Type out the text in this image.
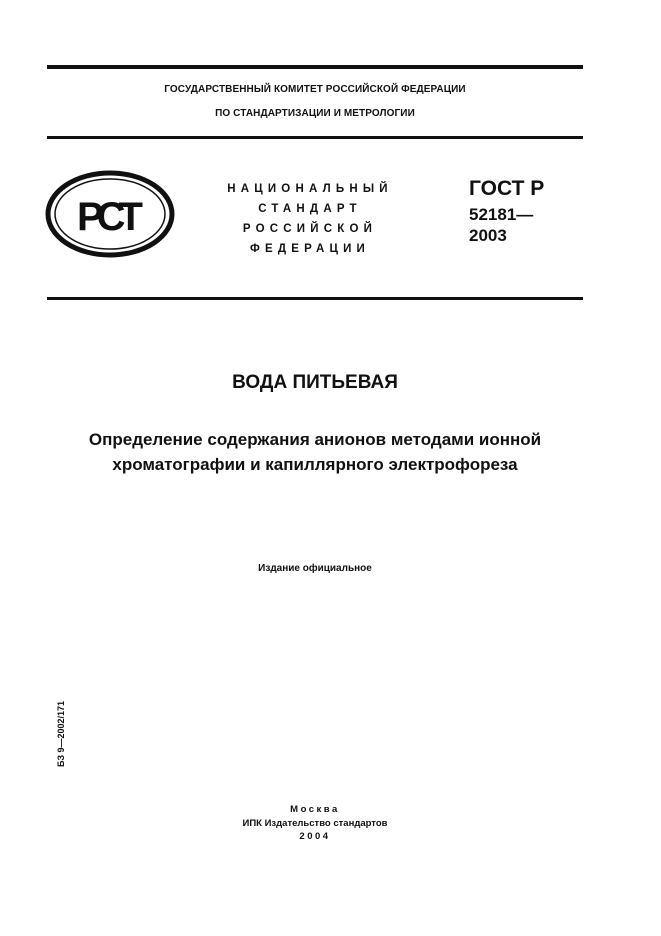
ГОСУДАРСТВЕННЫЙ КОМИТЕТ РОССИЙСКОЙ ФЕДЕРАЦИИ
ПО СТАНДАРТИЗАЦИИ И МЕТРОЛОГИИ
РСТ
НАЦИОНАЛЬНЫЙ
СТАНДАРТ
РОССИЙСКОЙ
ФЕДЕРАЦИИ
ГОСТ Р
52181—
2003
ВОДА ПИТЬЕВАЯ
Определение содержания анионов методами ионной хроматографии и капиллярного электрофореза
Издание официальное
БЗ 9—2002/171
Москва
ИПК Издательство стандартов
2004
